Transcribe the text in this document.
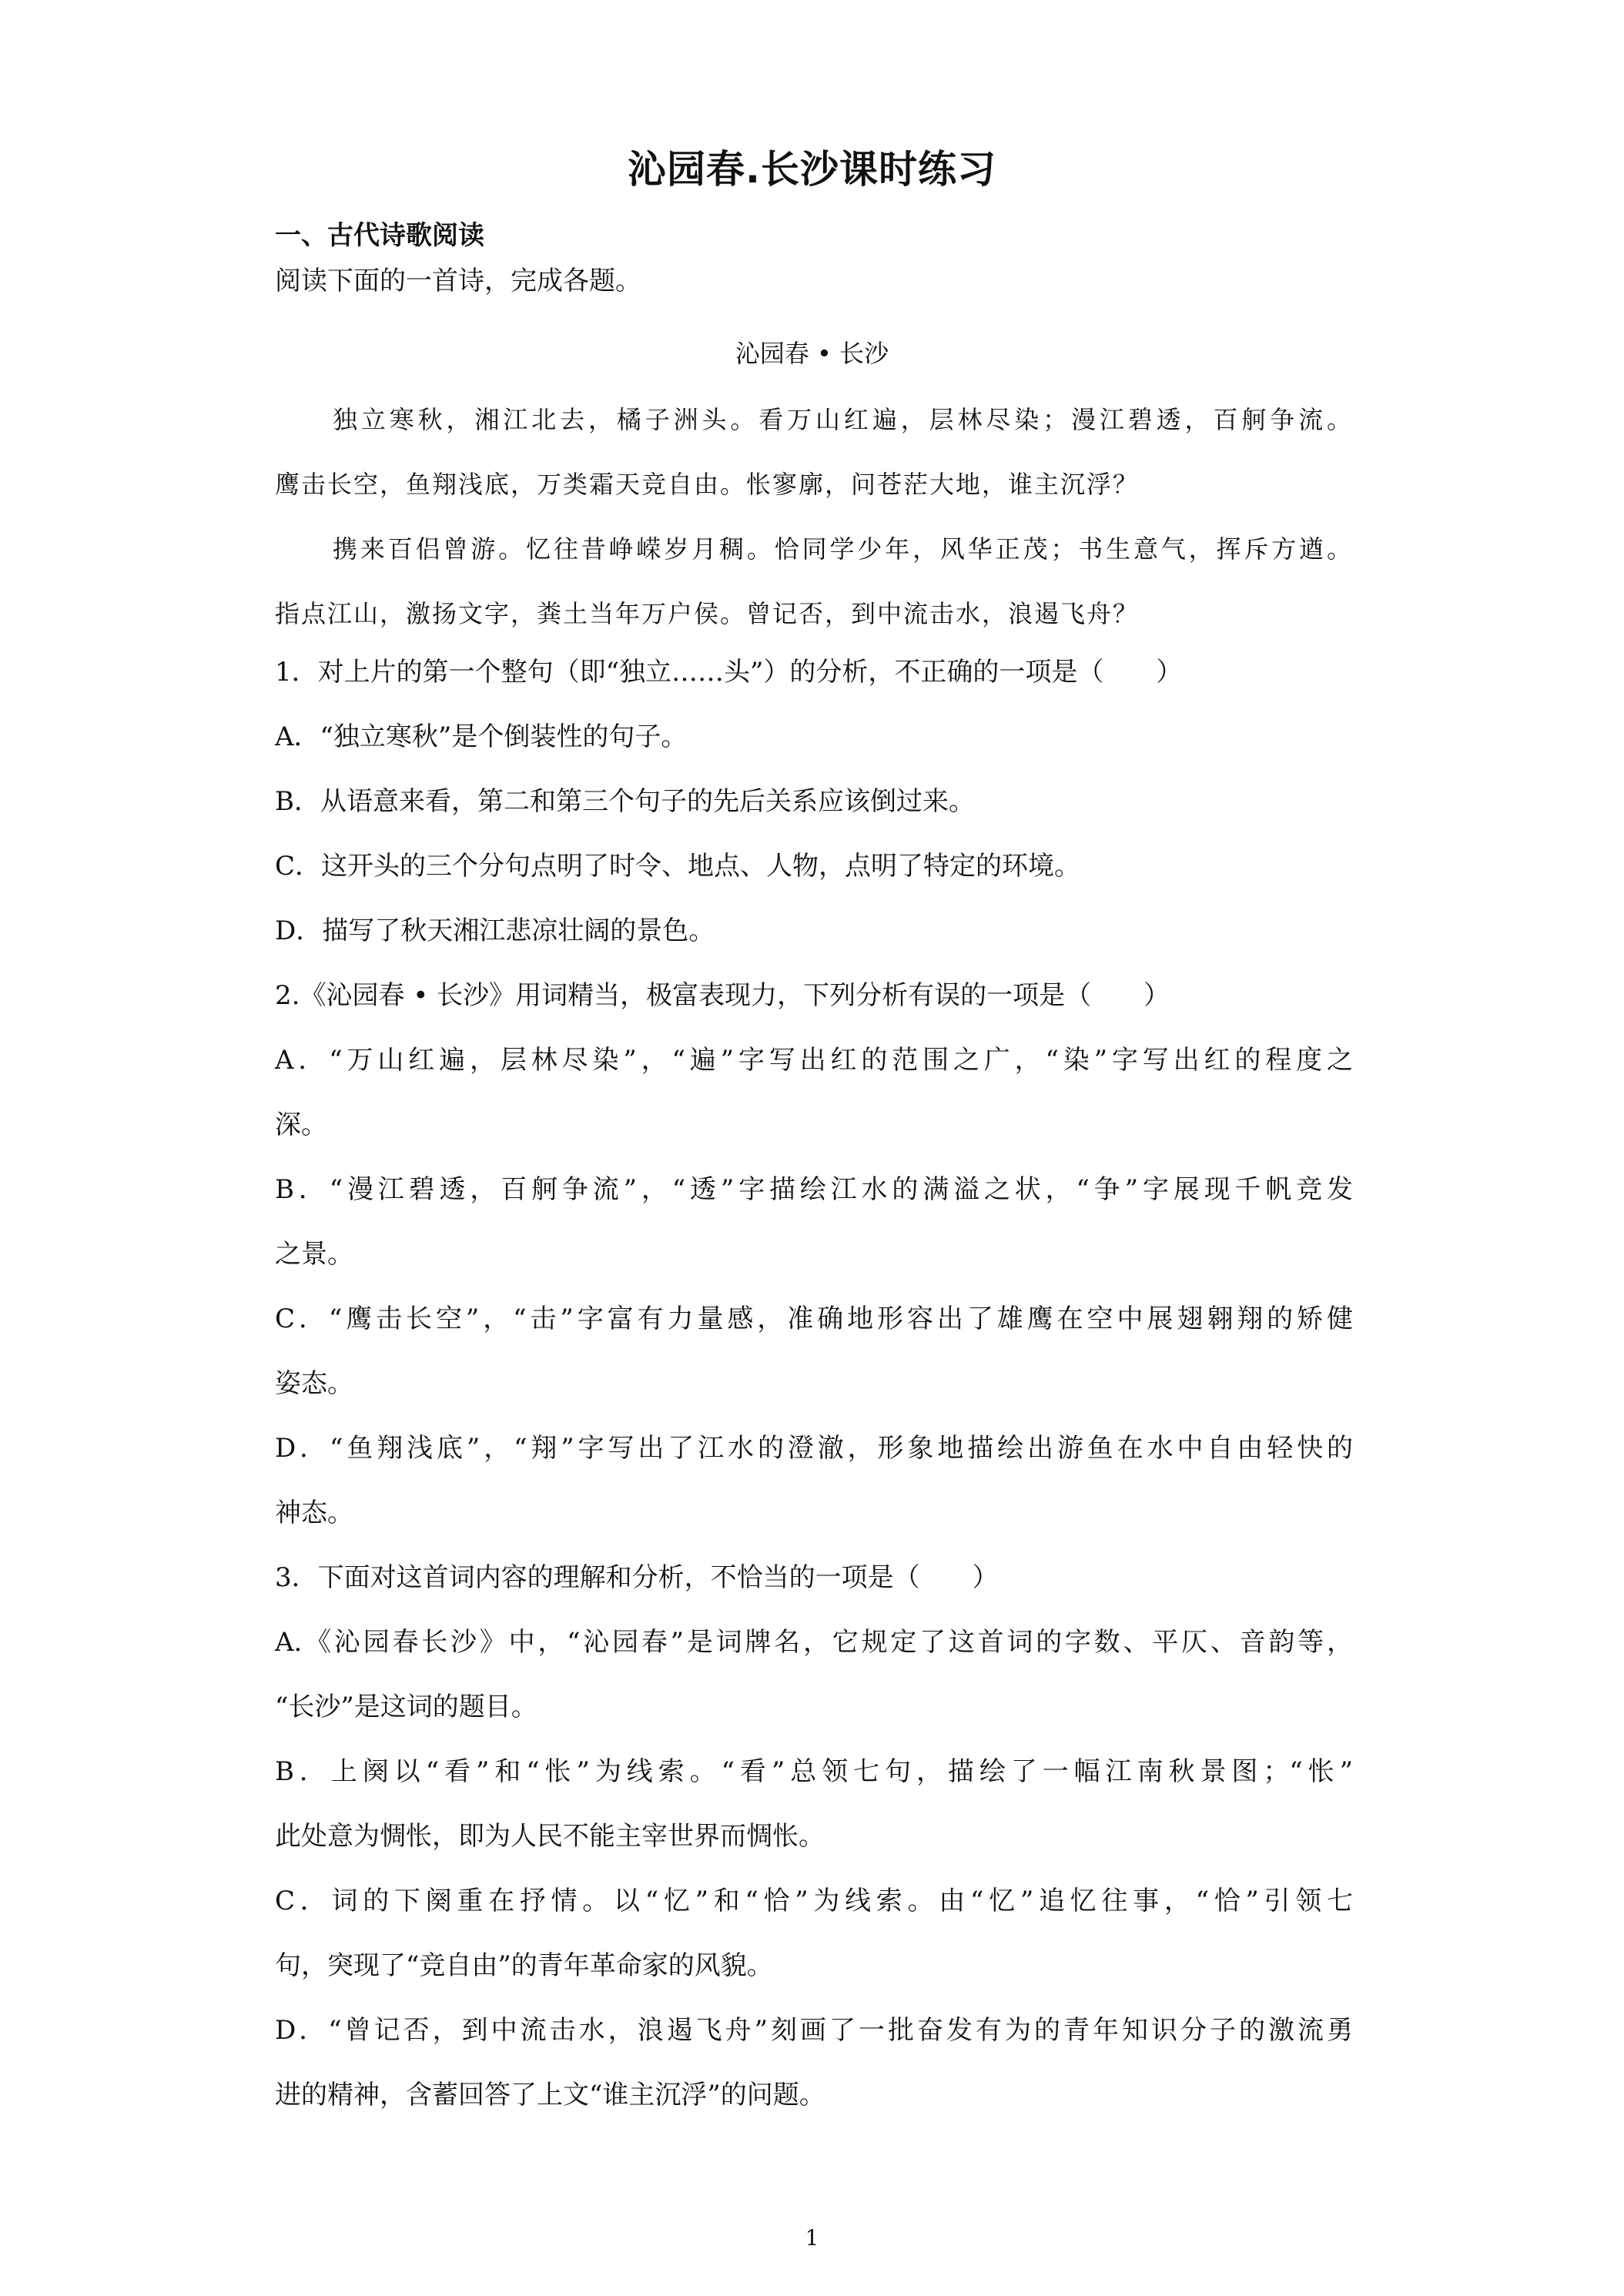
沁园春.长沙课时练习
一、古代诗歌阅读
阅读下面的一首诗，完成各题。
沁园春 • 长沙
独立寒秋，湘江北去，橘子洲头。看万山红遍，层林尽染；漫江碧透，百舸争流。
鹰击长空，鱼翔浅底，万类霜天竞自由。怅寥廓，问苍茫大地，谁主沉浮？
携来百侣曾游。忆往昔峥嵘岁月稠。恰同学少年，风华正茂；书生意气，挥斥方遒。
指点江山，激扬文字，粪土当年万户侯。曾记否，到中流击水，浪遏飞舟？
1．对上片的第一个整句（即“独立……头”）的分析，不正确的一项是（　　）
A．“独立寒秋”是个倒装性的句子。
B．从语意来看，第二和第三个句子的先后关系应该倒过来。
C．这开头的三个分句点明了时令、地点、人物，点明了特定的环境。
D．描写了秋天湘江悲凉壮阔的景色。
2.《沁园春 • 长沙》用词精当，极富表现力，下列分析有误的一项是（　　）
A．“万山红遍，层林尽染”，“遍”字写出红的范围之广，“染”字写出红的程度之
深。
B．“漫江碧透，百舸争流”，“透”字描绘江水的满溢之状，“争”字展现千帆竞发
之景。
C．“鹰击长空”，“击”字富有力量感，准确地形容出了雄鹰在空中展翅翱翔的矫健
姿态。
D．“鱼翔浅底”，“翔”字写出了江水的澄澈，形象地描绘出游鱼在水中自由轻快的
神态。
3．下面对这首词内容的理解和分析，不恰当的一项是（　　）
A.《沁园春长沙》中，“沁园春”是词牌名，它规定了这首词的字数、平仄、音韵等，
“长沙”是这词的题目。
B．上阕以“看”和“怅”为线索。“看”总领七句，描绘了一幅江南秋景图；“怅”
此处意为惆怅，即为人民不能主宰世界而惆怅。
C．词的下阕重在抒情。以“忆”和“恰”为线索。由“忆”追忆往事，“恰”引领七
句，突现了“竞自由”的青年革命家的风貌。
D．“曾记否，到中流击水，浪遏飞舟”刻画了一批奋发有为的青年知识分子的激流勇
进的精神，含蓄回答了上文“谁主沉浮”的问题。
1
